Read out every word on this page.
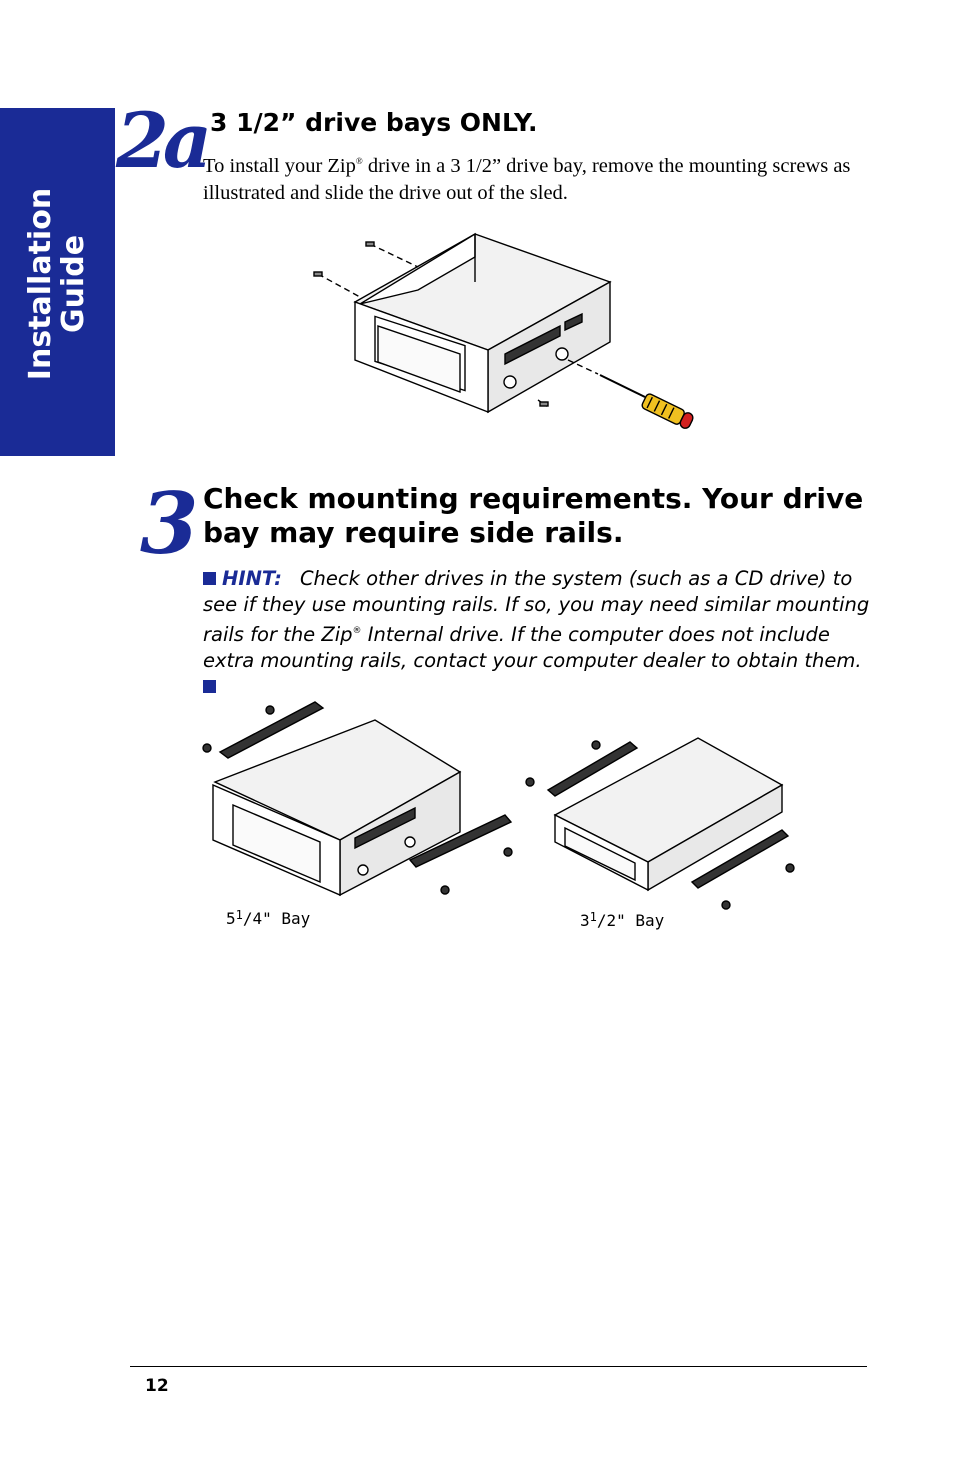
Installation
Guide
2a 3 1/2” drive bays ONLY.
To install your Zip® drive in a 3 1/2” drive bay, remove the mounting screws as illustrated and slide the drive out of the sled.
3 Check mounting requirements. Your drive bay may require side rails.
HINT: Check other drives in the system (such as a CD drive) to see if they use mounting rails. If so, you may need similar mounting rails for the Zip® Internal drive. If the computer does not include extra mounting rails, contact your computer dealer to obtain them.
$5^1/4$" Bay	$3^1/2$" Bay
12
